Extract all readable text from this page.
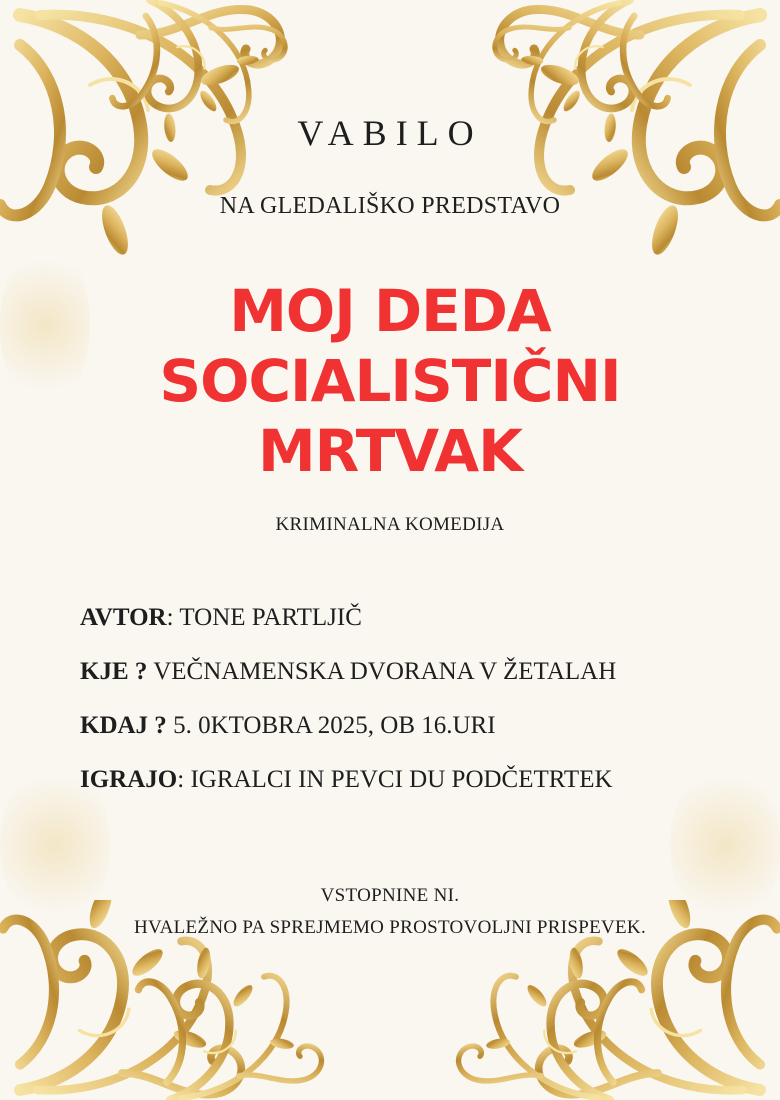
VABILO
NA GLEDALIŠKO PREDSTAVO
MOJ DEDA
SOCIALISTIČNI
MRTVAK
KRIMINALNA KOMEDIJA
AVTOR: TONE PARTLJIČ
KJE ? VEČNAMENSKA DVORANA V ŽETALAH
KDAJ ? 5. 0KTOBRA 2025, OB 16.URI
IGRAJO: IGRALCI IN PEVCI DU PODČETRTEK
VSTOPNINE NI.
HVALEŽNO PA SPREJMEMO PROSTOVOLJNI PRISPEVEK.
